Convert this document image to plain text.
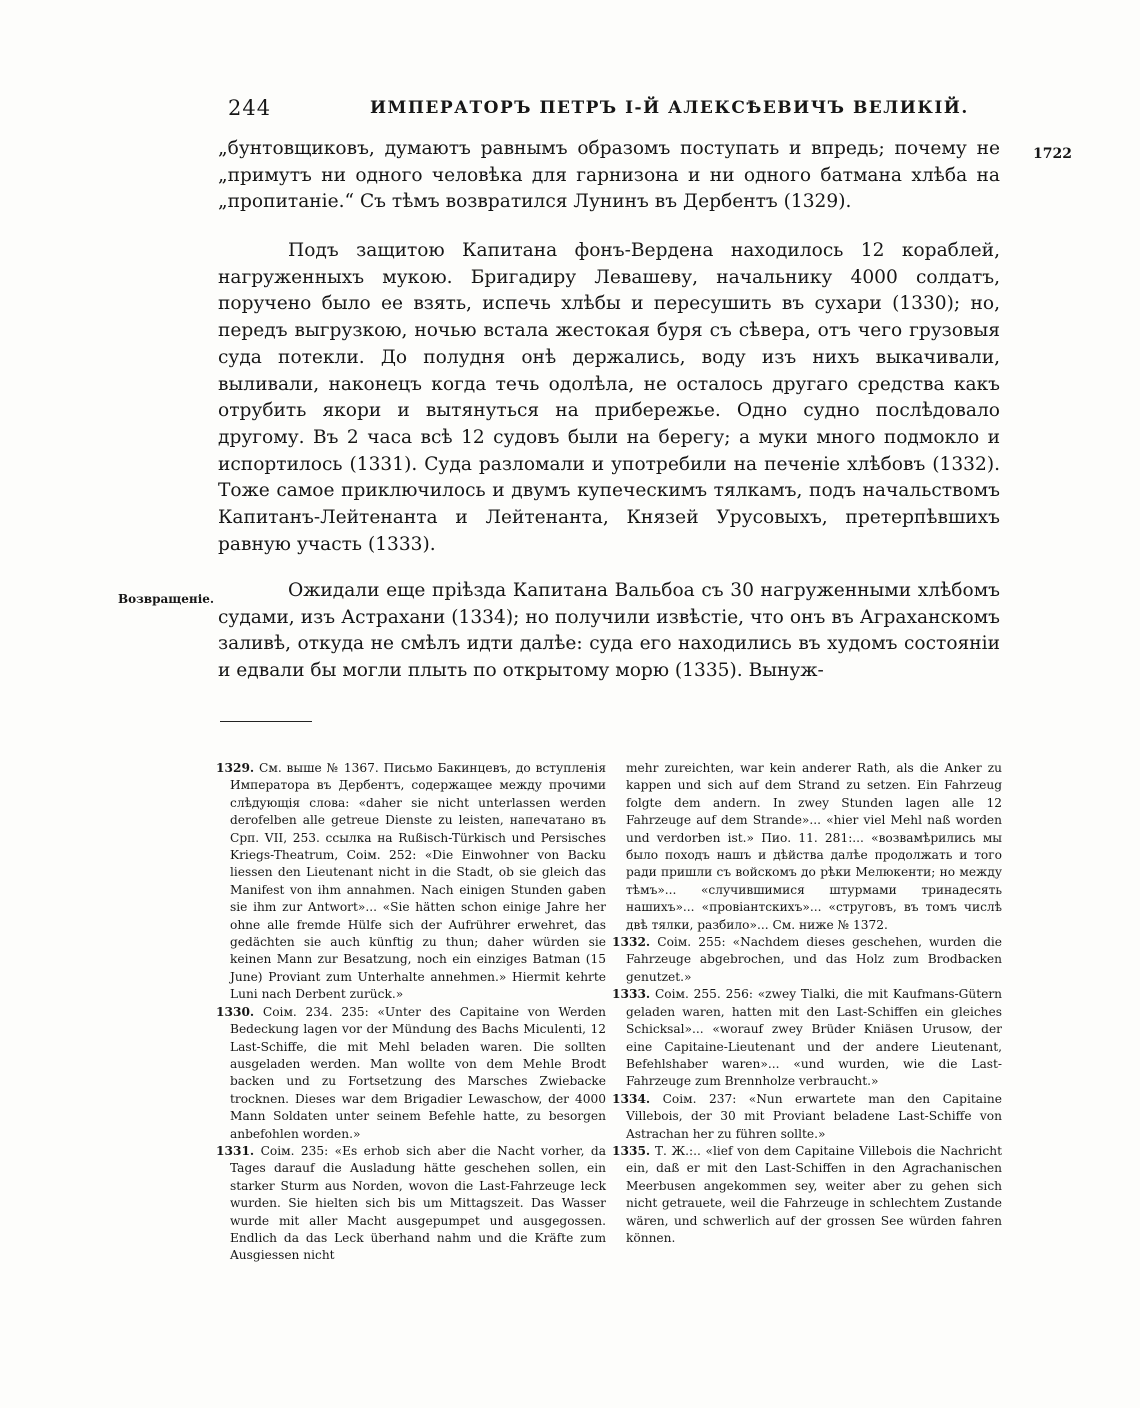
244	ИМПЕРАТОРЪ ПЕТРЪ I-Й АЛЕКСѢЕВИЧЪ ВЕЛИКІЙ.
1722
Возвращеніе.

„бунтовщиковъ, думаютъ равнымъ образомъ поступать и впредь; почему не „примутъ ни одного человѣка для гарнизона и ни одного батмана хлѣба на „пропитаніе.“ Съ тѣмъ возвратился Лунинъ въ Дербентъ (1329).

Подъ защитою Капитана фонъ-Вердена находилось 12 кораблей, нагруженныхъ мукою. Бригадиру Левашеву, начальнику 4000 солдатъ, поручено было ее взять, испечь хлѣбы и пересушить въ сухари (1330); но, передъ выгрузкою, ночью встала жестокая буря съ сѣвера, отъ чего грузовыя суда потекли. До полудня онѣ держались, воду изъ нихъ выкачивали, выливали, наконецъ когда течь одолѣла, не осталось другаго средства какъ отрубить якори и вытянуться на прибережье. Одно судно послѣдовало другому. Въ 2 часа всѣ 12 судовъ были на берегу; а муки много подмокло и испортилось (1331). Суда разломали и употребили на печеніе хлѣбовъ (1332). Тоже самое приключилось и двумъ купеческимъ тялкамъ, подъ начальствомъ Капитанъ-Лейтенанта и Лейтенанта, Князей Урусовыхъ, претерпѣвшихъ равную участь (1333).

Ожидали еще пріѣзда Капитана Вальбоа съ 30 нагруженными хлѣбомъ судами, изъ Астрахани (1334); но получили извѣстіе, что онъ въ Аграханскомъ заливѣ, откуда не смѣлъ идти далѣе: суда его находились въ худомъ состояніи и едвали бы могли плыть по открытому морю (1335). Вынуж-

1329. См. выше № 1367. Письмо Бакинцевъ, до вступленія Императора въ Дербентъ, содержащее между прочими слѣдующія слова: «daher sie nicht unterlassen werden derofelben alle getreue Dienste zu leisten, напечатано въ Срп. VII, 253. ссылка на Rußisch-Türkisch und Persisches Kriegs-Theatrum, Соім. 252: «Die Einwohner von Backu liessen den Lieutenant nicht in die Stadt, ob sie gleich das Manifest von ihm annahmen. Nach einigen Stunden gaben sie ihm zur Antwort»... «Sie hätten schon einige Jahre her ohne alle fremde Hülfe sich der Aufrührer erwehret, das gedächten sie auch künftig zu thun; daher würden sie keinen Mann zur Besatzung, noch ein einziges Batman (15 June) Proviant zum Unterhalte annehmen.» Hiermit kehrte Luni nach Derbent zurück.»

1330. Соім. 234. 235: «Unter des Capitaine von Werden Bedeckung lagen vor der Mündung des Bachs Miculenti, 12 Last-Schiffe, die mit Mehl beladen waren. Die sollten ausgeladen werden. Man wollte von dem Mehle Brodt backen und zu Fortsetzung des Marsches Zwiebacke trocknen. Dieses war dem Brigadier Lewaschow, der 4000 Mann Soldaten unter seinem Befehle hatte, zu besorgen anbefohlen worden.»

1331. Соім. 235: «Es erhob sich aber die Nacht vorher, da Tages darauf die Ausladung hätte geschehen sollen, ein starker Sturm aus Norden, wovon die Last-Fahrzeuge leck wurden. Sie hielten sich bis um Mittagszeit. Das Wasser wurde mit aller Macht ausgepumpet und ausgegossen. Endlich da das Leck überhand nahm und die Kräfte zum Ausgiessen nicht

mehr zureichten, war kein anderer Rath, als die Anker zu kappen und sich auf dem Strand zu setzen. Ein Fahrzeug folgte dem andern. In zwey Stunden lagen alle 12 Fahrzeuge auf dem Strande»... «hier viel Mehl naß worden und verdorben ist.» Пио. 11. 281:... «возвамѣрились мы было походъ нашъ и дѣйства далѣе продолжать и того ради пришли съ войскомъ до рѣки Мелюкенти; но между тѣмъ»... «случившимися штурмами тринадесять нашихъ»... «провіантскихъ»... «струговъ, въ томъ числѣ двѣ тялки, разбило»... См. ниже № 1372.

1332. Соім. 255: «Nachdem dieses geschehen, wurden die Fahrzeuge abgebrochen, und das Holz zum Brodbacken genutzet.»

1333. Соім. 255. 256: «zwey Tialki, die mit Kaufmans-Gütern geladen waren, hatten mit den Last-Schiffen ein gleiches Schicksal»... «worauf zwey Brüder Kniäsen Urusow, der eine Capitaine-Lieutenant und der andere Lieutenant, Befehlshaber waren»... «und wurden, wie die Last-Fahrzeuge zum Brennholze verbraucht.»

1334. Соім. 237: «Nun erwartete man den Capitaine Villebois, der 30 mit Proviant beladene Last-Schiffe von Astrachan her zu führen sollte.»

1335. Т. Ж.:.. «lief von dem Capitaine Villebois die Nachricht ein, daß er mit den Last-Schiffen in den Agrachanischen Meerbusen angekommen sey, weiter aber zu gehen sich nicht getrauete, weil die Fahrzeuge in schlechtem Zustande wären, und schwerlich auf der grossen See würden fahren können.
